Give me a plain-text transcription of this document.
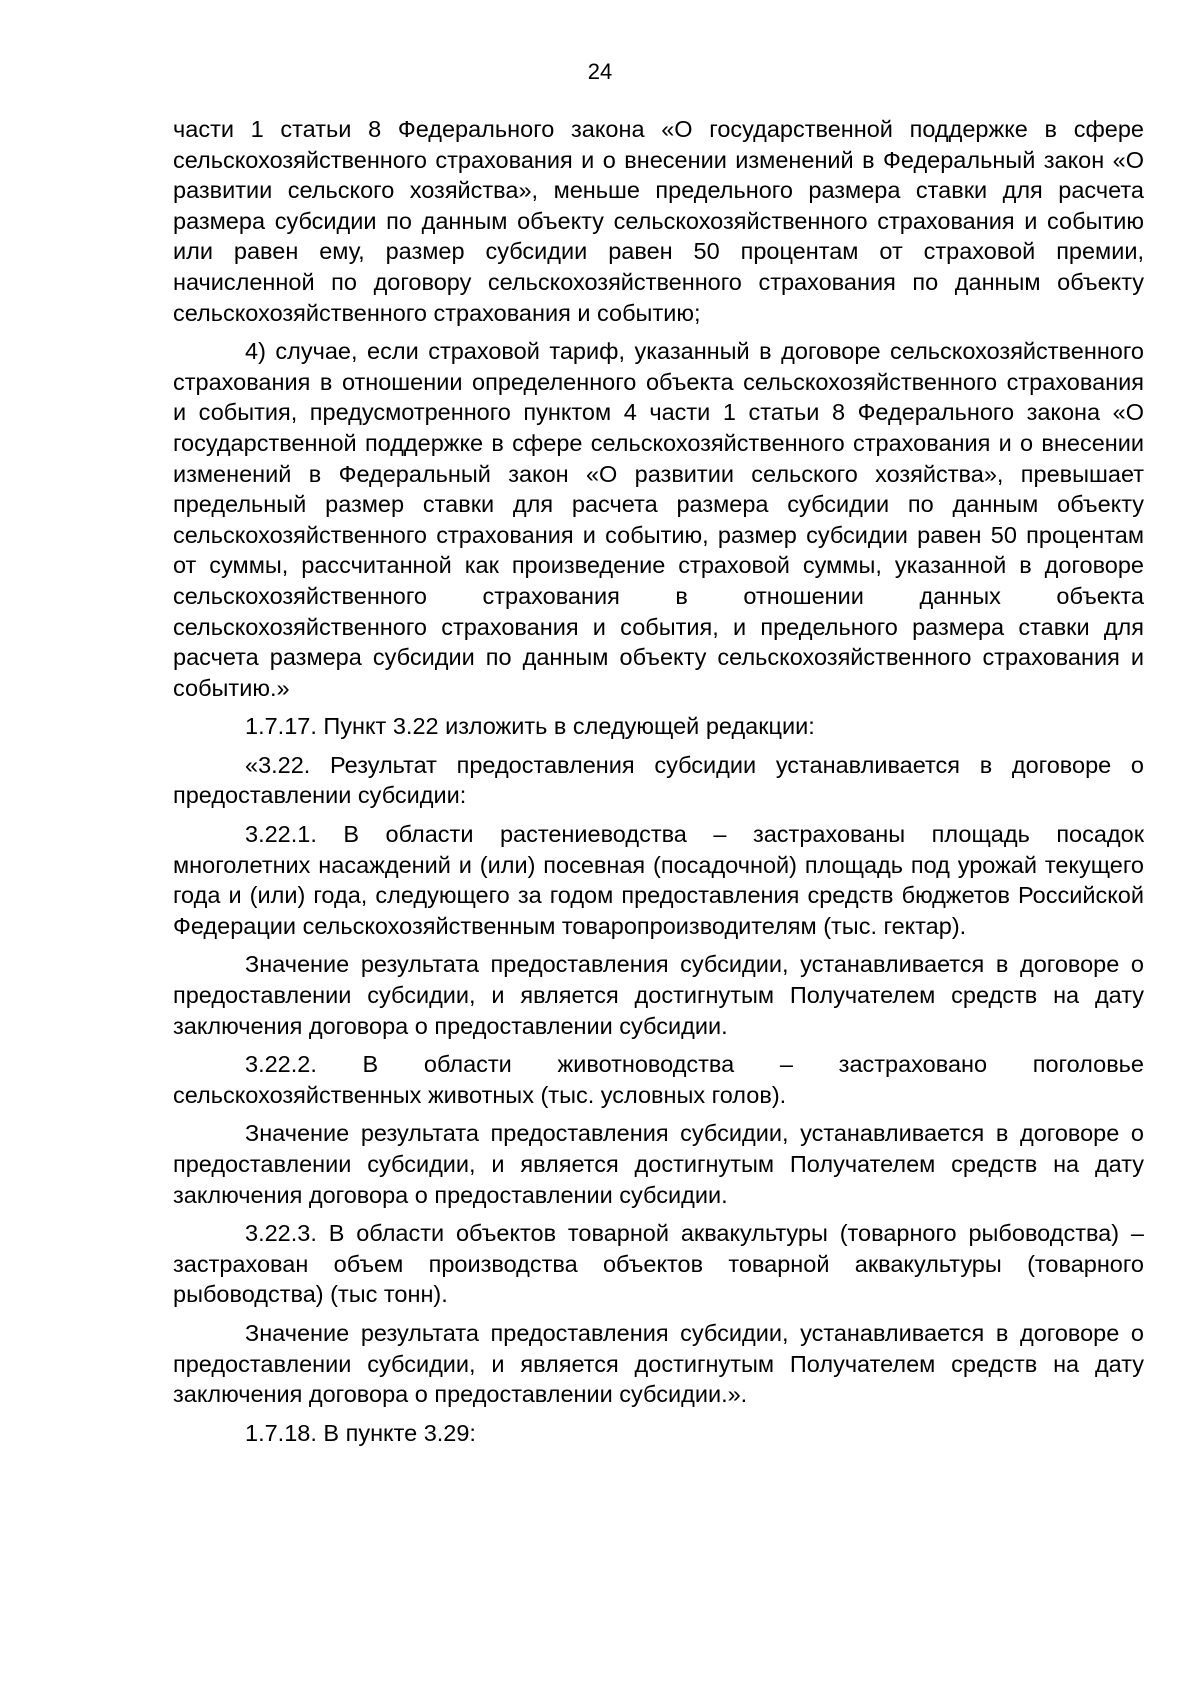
24

части 1 статьи 8 Федерального закона «О государственной поддержке в сфере сельскохозяйственного страхования и о внесении изменений в Федеральный закон «О развитии сельского хозяйства», меньше предельного размера ставки для расчета размера субсидии по данным объекту сельскохозяйственного страхования и событию или равен ему, размер субсидии равен 50 процентам от страховой премии, начисленной по договору сельскохозяйственного страхования по данным объекту сельскохозяйственного страхования и событию;

4) случае, если страховой тариф, указанный в договоре сельскохозяйственного страхования в отношении определенного объекта сельскохозяйственного страхования и события, предусмотренного пунктом 4 части 1 статьи 8 Федерального закона «О государственной поддержке в сфере сельскохозяйственного страхования и о внесении изменений в Федеральный закон «О развитии сельского хозяйства», превышает предельный размер ставки для расчета размера субсидии по данным объекту сельскохозяйственного страхования и событию, размер субсидии равен 50 процентам от суммы, рассчитанной как произведение страховой суммы, указанной в договоре сельскохозяйственного страхования в отношении данных объекта сельскохозяйственного страхования и события, и предельного размера ставки для расчета размера субсидии по данным объекту сельскохозяйственного страхования и событию.»

1.7.17. Пункт 3.22 изложить в следующей редакции:

«3.22. Результат предоставления субсидии устанавливается в договоре о предоставлении субсидии:

3.22.1. В области растениеводства – застрахованы площадь посадок многолетних насаждений и (или) посевная (посадочной) площадь под урожай текущего года и (или) года, следующего за годом предоставления средств бюджетов Российской Федерации сельскохозяйственным товаропроизводителям (тыс. гектар).

Значение результата предоставления субсидии, устанавливается в договоре о предоставлении субсидии, и является достигнутым Получателем средств на дату заключения договора о предоставлении субсидии.

3.22.2. В области животноводства – застраховано поголовье сельскохозяйственных животных (тыс. условных голов).

Значение результата предоставления субсидии, устанавливается в договоре о предоставлении субсидии, и является достигнутым Получателем средств на дату заключения договора о предоставлении субсидии.

3.22.3. В области объектов товарной аквакультуры (товарного рыбоводства) – застрахован объем производства объектов товарной аквакультуры (товарного рыбоводства) (тыс тонн).

Значение результата предоставления субсидии, устанавливается в договоре о предоставлении субсидии, и является достигнутым Получателем средств на дату заключения договора о предоставлении субсидии.».

1.7.18. В пункте 3.29:
